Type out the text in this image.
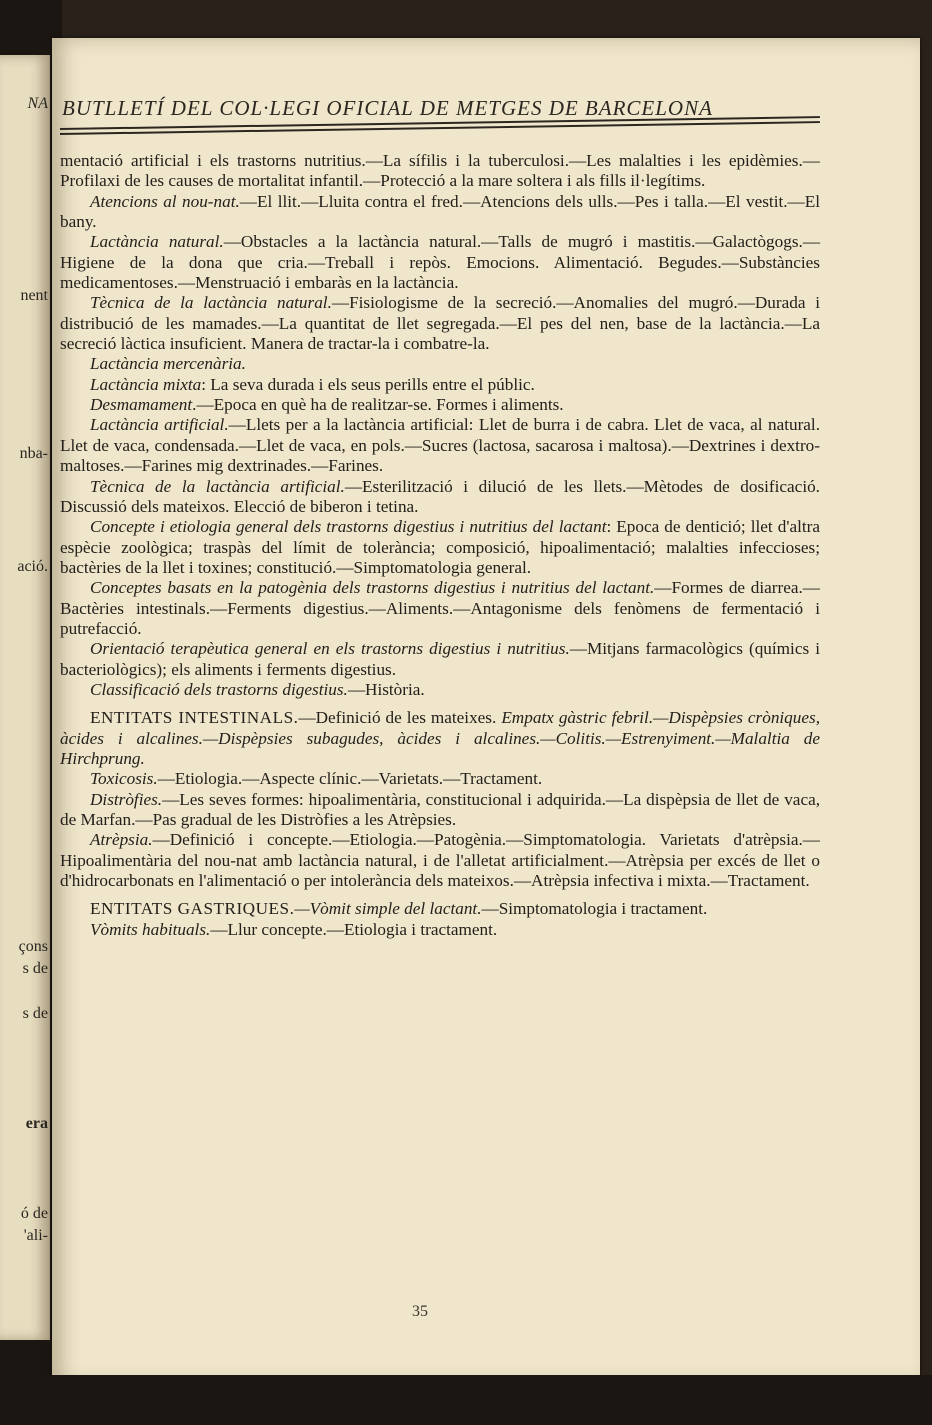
NA
nent
nba-
ació.
çons
s de
s de
era
ó de
'ali-
BUTLLETÍ DEL COL·LEGI OFICIAL DE METGES DE BARCELONA

mentació artificial i els trastorns nutritius.—La sífilis i la tuberculosi.—Les malalties i les epidèmies.—Profilaxi de les causes de mortalitat infantil.—Protecció a la mare soltera i als fills il·legítims.

Atencions al nou-nat.—El llit.—Lluita contra el fred.—Atencions dels ulls.—Pes i talla.—El vestit.—El bany.

Lactància natural.—Obstacles a la lactància natural.—Talls de mugró i mastitis.—Galactògogs.—Higiene de la dona que cria.—Treball i repòs. Emocions. Alimentació. Begudes.—Substàncies medicamentoses.—Menstruació i embaràs en la lactància.

Tècnica de la lactància natural.—Fisiologisme de la secreció.—Anomalies del mugró.—Durada i distribució de les mamades.—La quantitat de llet segregada.—El pes del nen, base de la lactància.—La secreció làctica insuficient. Manera de tractar-la i combatre-la.

Lactància mercenària.

Lactància mixta: La seva durada i els seus perills entre el públic.

Desmamament.—Epoca en què ha de realitzar-se. Formes i aliments.

Lactància artificial.—Llets per a la lactància artificial: Llet de burra i de cabra. Llet de vaca, al natural. Llet de vaca, condensada.—Llet de vaca, en pols.—Sucres (lactosa, sacarosa i maltosa).—Dextrines i dextro-maltoses.—Farines mig dextrinades.—Farines.

Tècnica de la lactància artificial.—Esterilització i dilució de les llets.—Mètodes de dosificació. Discussió dels mateixos. Elecció de biberon i tetina.

Concepte i etiologia general dels trastorns digestius i nutritius del lactant: Epoca de dentició; llet d'altra espècie zoològica; traspàs del límit de tolerància; composició, hipoalimentació; malalties infeccioses; bactèries de la llet i toxines; constitució.—Simptomatologia general.

Conceptes basats en la patogènia dels trastorns digestius i nutritius del lactant.—Formes de diarrea.—Bactèries intestinals.—Ferments digestius.—Aliments.—Antagonisme dels fenòmens de fermentació i putrefacció.

Orientació terapèutica general en els trastorns digestius i nutritius.—Mitjans farmacològics (químics i bacteriològics); els aliments i ferments digestius.

Classificació dels trastorns digestius.—Història.

ENTITATS INTESTINALS.—Definició de les mateixes. Empatx gàstric febril.—Dispèpsies cròniques, àcides i alcalines.—Dispèpsies subagudes, àcides i alcalines.—Colitis.—Estrenyiment.—Malaltia de Hirchprung.

Toxicosis.—Etiologia.—Aspecte clínic.—Varietats.—Tractament.

Distròfies.—Les seves formes: hipoalimentària, constitucional i adquirida.—La dispèpsia de llet de vaca, de Marfan.—Pas gradual de les Distròfies a les Atrèpsies.

Atrèpsia.—Definició i concepte.—Etiologia.—Patogènia.—Simptomatologia. Varietats d'atrèpsia.—Hipoalimentària del nou-nat amb lactància natural, i de l'alletat artificialment.—Atrèpsia per excés de llet o d'hidrocarbonats en l'alimentació o per intolerància dels mateixos.—Atrèpsia infectiva i mixta.—Tractament.

ENTITATS GASTRIQUES.—Vòmit simple del lactant.—Simptomatologia i tractament.

Vòmits habituals.—Llur concepte.—Etiologia i tractament.

35
